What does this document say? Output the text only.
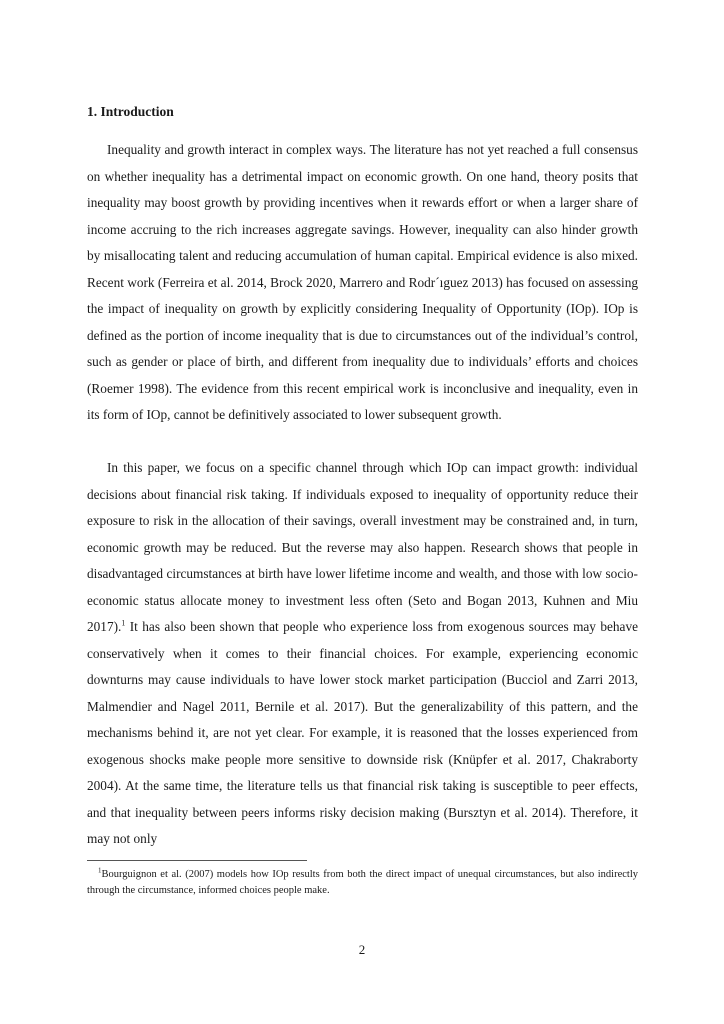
1. Introduction

Inequality and growth interact in complex ways. The literature has not yet reached a full consensus on whether inequality has a detrimental impact on economic growth. On one hand, theory posits that inequality may boost growth by providing incentives when it rewards effort or when a larger share of income accruing to the rich increases aggregate savings. However, inequality can also hinder growth by misallocating talent and reducing accumulation of human capital. Empirical evidence is also mixed. Recent work (Ferreira et al. 2014, Brock 2020, Marrero and Rodr´ıguez 2013) has focused on assessing the impact of inequality on growth by explicitly considering Inequality of Opportunity (IOp). IOp is defined as the portion of income inequality that is due to circumstances out of the individual’s control, such as gender or place of birth, and different from inequality due to individuals’ efforts and choices (Roemer 1998). The evidence from this recent empirical work is inconclusive and inequality, even in its form of IOp, cannot be definitively associated to lower subsequent growth.

In this paper, we focus on a specific channel through which IOp can impact growth: individual decisions about financial risk taking. If individuals exposed to inequality of opportunity reduce their exposure to risk in the allocation of their savings, overall investment may be constrained and, in turn, economic growth may be reduced. But the reverse may also happen. Research shows that people in disadvantaged circumstances at birth have lower lifetime income and wealth, and those with low socio-economic status allocate money to investment less often (Seto and Bogan 2013, Kuhnen and Miu 2017).$^1$ It has also been shown that people who experience loss from exogenous sources may behave conservatively when it comes to their financial choices. For example, experiencing economic downturns may cause individuals to have lower stock market participation (Bucciol and Zarri 2013, Malmendier and Nagel 2011, Bernile et al. 2017). But the generalizability of this pattern, and the mechanisms behind it, are not yet clear. For example, it is reasoned that the losses experienced from exogenous shocks make people more sensitive to downside risk (Knüpfer et al. 2017, Chakraborty 2004). At the same time, the literature tells us that financial risk taking is susceptible to peer effects, and that inequality between peers informs risky decision making (Bursztyn et al. 2014). Therefore, it may not only

$^1$Bourguignon et al. (2007) models how IOp results from both the direct impact of unequal circumstances, but also indirectly through the circumstance, informed choices people make.

2
